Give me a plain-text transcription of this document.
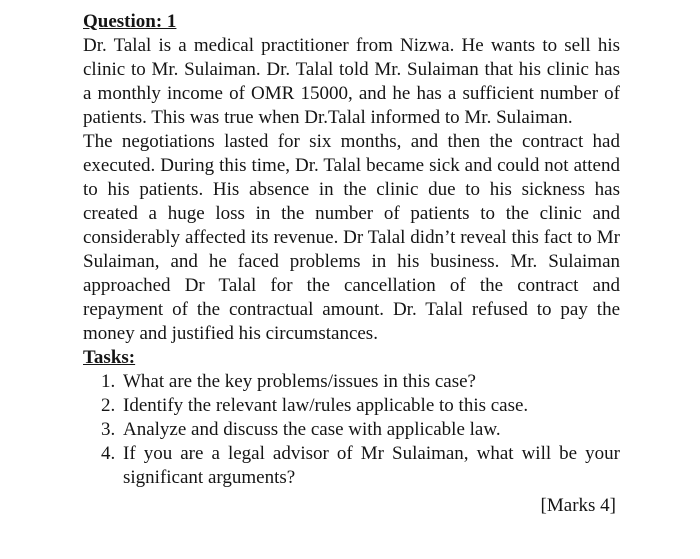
Question: 1

Dr. Talal is a medical practitioner from Nizwa. He wants to sell his clinic to Mr. Sulaiman. Dr. Talal told Mr. Sulaiman that his clinic has a monthly income of OMR 15000, and he has a sufficient number of patients. This was true when Dr.Talal informed to Mr. Sulaiman.

The negotiations lasted for six months, and then the contract had executed. During this time, Dr. Talal became sick and could not attend to his patients. His absence in the clinic due to his sickness has created a huge loss in the number of patients to the clinic and considerably affected its revenue. Dr Talal didn’t reveal this fact to Mr Sulaiman, and he faced problems in his business. Mr. Sulaiman approached Dr Talal for the cancellation of the contract and repayment of the contractual amount. Dr. Talal refused to pay the money and justified his circumstances.

Tasks:
1. What are the key problems/issues in this case?
2. Identify the relevant law/rules applicable to this case.
3. Analyze and discuss the case with applicable law.
4. If you are a legal advisor of Mr Sulaiman, what will be your significant arguments?
[Marks 4]
